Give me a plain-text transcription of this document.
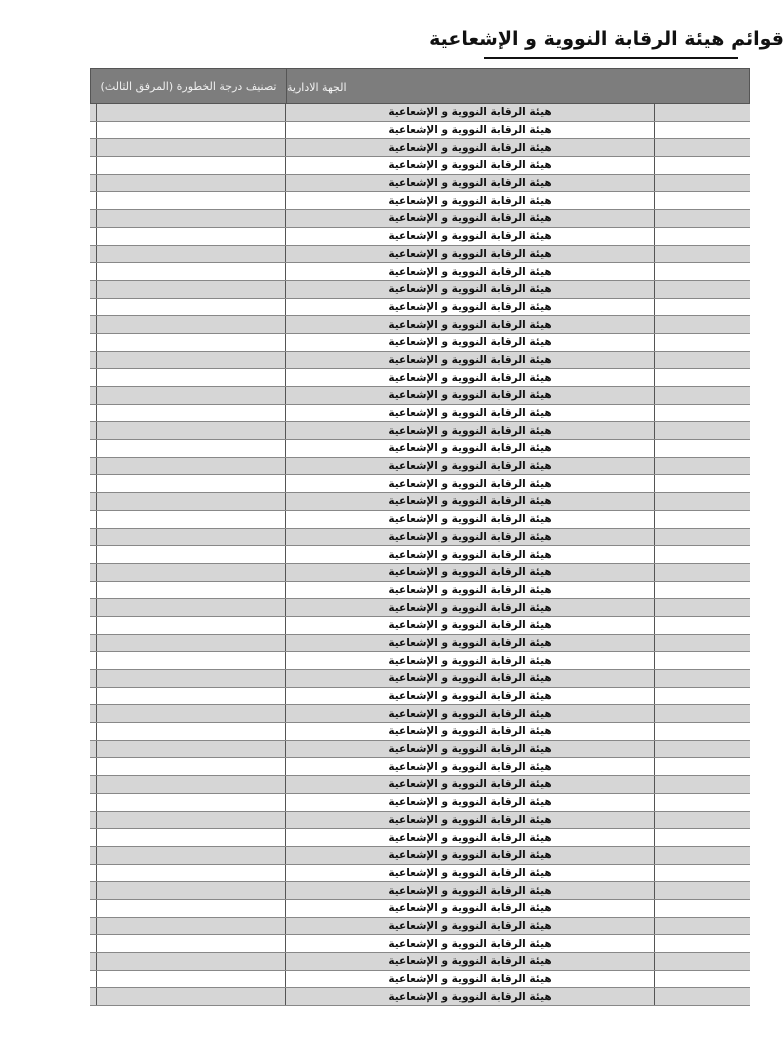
قوائم هيئة الرقابة النووية و الإشعاعية
تصنيف درجة الخطورة (المرفق الثالث) الجهة الادارية
هيئة الرقابة النووية و الإشعاعية
هيئة الرقابة النووية و الإشعاعية
هيئة الرقابة النووية و الإشعاعية
هيئة الرقابة النووية و الإشعاعية
هيئة الرقابة النووية و الإشعاعية
هيئة الرقابة النووية و الإشعاعية
هيئة الرقابة النووية و الإشعاعية
هيئة الرقابة النووية و الإشعاعية
هيئة الرقابة النووية و الإشعاعية
هيئة الرقابة النووية و الإشعاعية
هيئة الرقابة النووية و الإشعاعية
هيئة الرقابة النووية و الإشعاعية
هيئة الرقابة النووية و الإشعاعية
هيئة الرقابة النووية و الإشعاعية
هيئة الرقابة النووية و الإشعاعية
هيئة الرقابة النووية و الإشعاعية
هيئة الرقابة النووية و الإشعاعية
هيئة الرقابة النووية و الإشعاعية
هيئة الرقابة النووية و الإشعاعية
هيئة الرقابة النووية و الإشعاعية
هيئة الرقابة النووية و الإشعاعية
هيئة الرقابة النووية و الإشعاعية
هيئة الرقابة النووية و الإشعاعية
هيئة الرقابة النووية و الإشعاعية
هيئة الرقابة النووية و الإشعاعية
هيئة الرقابة النووية و الإشعاعية
هيئة الرقابة النووية و الإشعاعية
هيئة الرقابة النووية و الإشعاعية
هيئة الرقابة النووية و الإشعاعية
هيئة الرقابة النووية و الإشعاعية
هيئة الرقابة النووية و الإشعاعية
هيئة الرقابة النووية و الإشعاعية
هيئة الرقابة النووية و الإشعاعية
هيئة الرقابة النووية و الإشعاعية
هيئة الرقابة النووية و الإشعاعية
هيئة الرقابة النووية و الإشعاعية
هيئة الرقابة النووية و الإشعاعية
هيئة الرقابة النووية و الإشعاعية
هيئة الرقابة النووية و الإشعاعية
هيئة الرقابة النووية و الإشعاعية
هيئة الرقابة النووية و الإشعاعية
هيئة الرقابة النووية و الإشعاعية
هيئة الرقابة النووية و الإشعاعية
هيئة الرقابة النووية و الإشعاعية
هيئة الرقابة النووية و الإشعاعية
هيئة الرقابة النووية و الإشعاعية
هيئة الرقابة النووية و الإشعاعية
هيئة الرقابة النووية و الإشعاعية
هيئة الرقابة النووية و الإشعاعية
هيئة الرقابة النووية و الإشعاعية
هيئة الرقابة النووية و الإشعاعية
